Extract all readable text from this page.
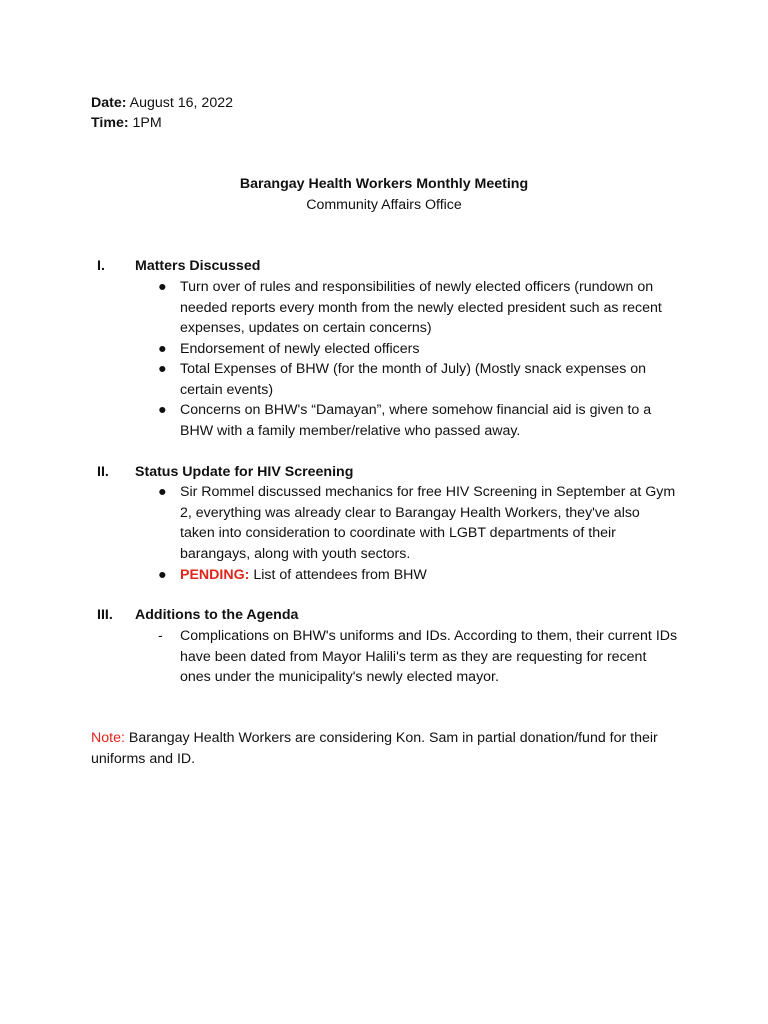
Date: August 16, 2022
Time: 1PM
Barangay Health Workers Monthly Meeting
Community Affairs Office
I.	Matters Discussed
● Turn over of rules and responsibilities of newly elected officers (rundown on needed reports every month from the newly elected president such as recent expenses, updates on certain concerns)
● Endorsement of newly elected officers
● Total Expenses of BHW (for the month of July) (Mostly snack expenses on certain events)
● Concerns on BHW's “Damayan”, where somehow financial aid is given to a BHW with a family member/relative who passed away.
II.	Status Update for HIV Screening
● Sir Rommel discussed mechanics for free HIV Screening in September at Gym 2, everything was already clear to Barangay Health Workers, they've also taken into consideration to coordinate with LGBT departments of their barangays, along with youth sectors.
● PENDING: List of attendees from BHW
III.	Additions to the Agenda
-	Complications on BHW's uniforms and IDs. According to them, their current IDs have been dated from Mayor Halili's term as they are requesting for recent ones under the municipality's newly elected mayor.
Note: Barangay Health Workers are considering Kon. Sam in partial donation/fund for their uniforms and ID.
